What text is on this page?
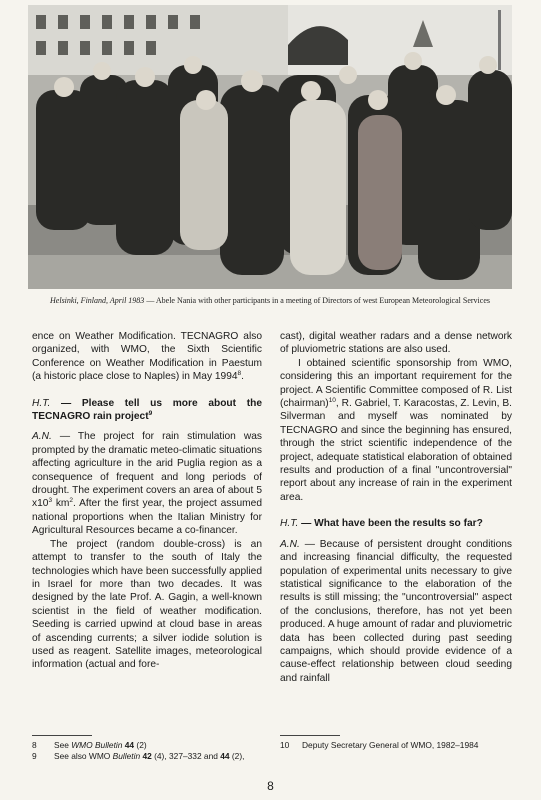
Helsinki, Finland, April 1983 — Abele Nania with other participants in a meeting of Directors of west European Meteorological Services

ence on Weather Modification. TECNAGRO also organized, with WMO, the Sixth Scientific Conference on Weather Modification in Paestum (a historic place close to Naples) in May 1994$^8$.

H.T. — Please tell us more about the TECNAGRO rain project$^9$

A.N. — The project for rain stimulation was prompted by the dramatic meteo-climatic situations affecting agriculture in the arid Puglia region as a consequence of frequent and long periods of drought. The experiment covers an area of about 5 $x10^3$ $km^2$. After the first year, the project assumed national proportions when the Italian Ministry for Agricultural Resources became a co-financer.

The project (random double-cross) is an attempt to transfer to the south of Italy the technologies which have been successfully applied in Israel for more than two decades. It was designed by the late Prof. A. Gagin, a well-known scientist in the field of weather modification. Seeding is carried upwind at cloud base in areas of ascending currents; a silver iodide solution is used as reagent. Satellite images, meteorological information (actual and fore-

cast), digital weather radars and a dense network of pluviometric stations are also used.

I obtained scientific sponsorship from WMO, considering this an important requirement for the project. A Scientific Committee composed of R. List (chairman)$^{10}$, R. Gabriel, T. Karacostas, Z. Levin, B. Silverman and myself was nominated by TECNAGRO and since the beginning has ensured, through the strict scientific independence of the project, adequate statistical elaboration of obtained results and production of a final "uncontroversial" report about any increase of rain in the experiment area.

H.T. — What have been the results so far?

A.N. — Because of persistent drought conditions and increasing financial difficulty, the requested population of experimental units necessary to give statistical significance to the elaboration of the results is still missing; the "uncontroversial" aspect of the conclusions, therefore, has not yet been produced. A huge amount of radar and pluviometric data has been collected during past seeding campaigns, which should provide evidence of a cause-effect relationship between cloud seeding and rainfall

8	See WMO Bulletin 44 (2)
9	See also WMO Bulletin 42 (4), 327–332 and 44 (2),
10	Deputy Secretary General of WMO, 1982–1984
8
